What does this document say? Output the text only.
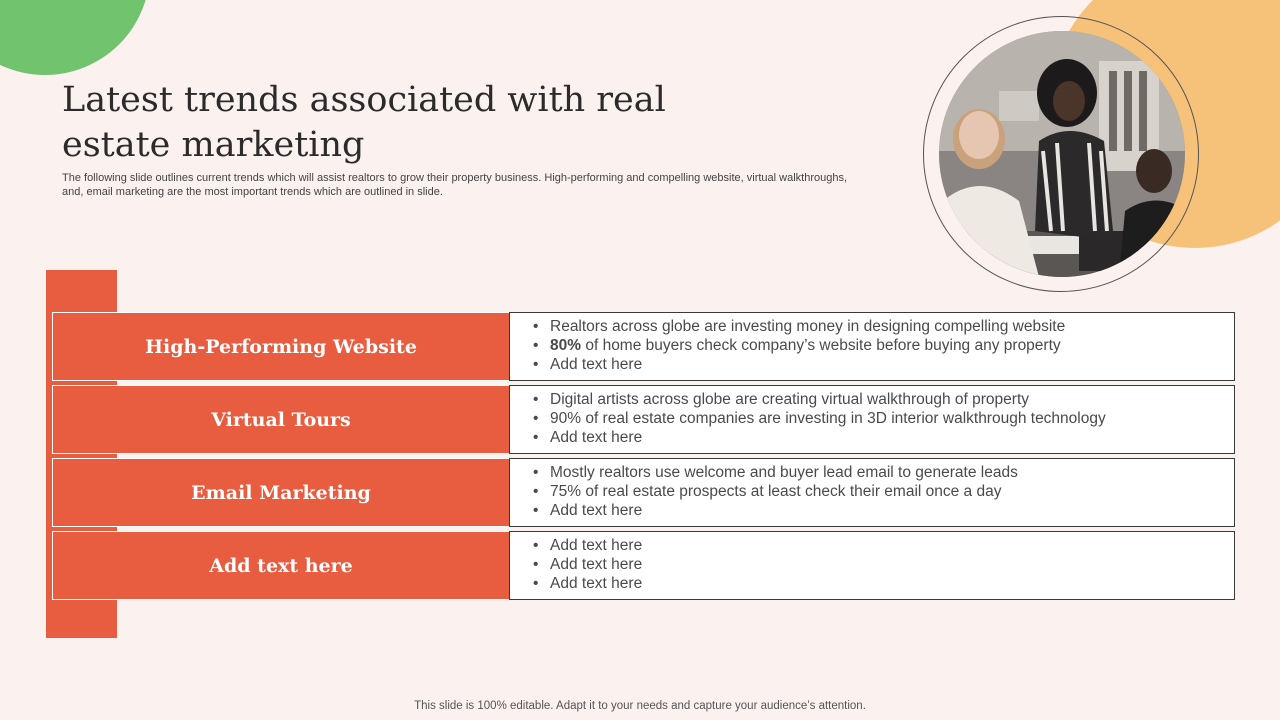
Latest trends associated with real estate marketing

The following slide outlines current trends which will assist realtors to grow their property business. High-performing and compelling website, virtual walkthroughs, and, email marketing are the most important trends which are outlined in slide.

High-Performing Website
• Realtors across globe are investing money in designing compelling website
• 80% of home buyers check company’s website before buying any property
• Add text here
Virtual Tours
• Digital artists across globe are creating virtual walkthrough of property
• 90% of real estate companies are investing in 3D interior walkthrough technology
• Add text here
Email Marketing
• Mostly realtors use welcome and buyer lead email to generate leads
• 75% of real estate prospects at least check their email once a day
• Add text here
Add text here
• Add text here
• Add text here
• Add text here
This slide is 100% editable. Adapt it to your needs and capture your audience’s attention.
